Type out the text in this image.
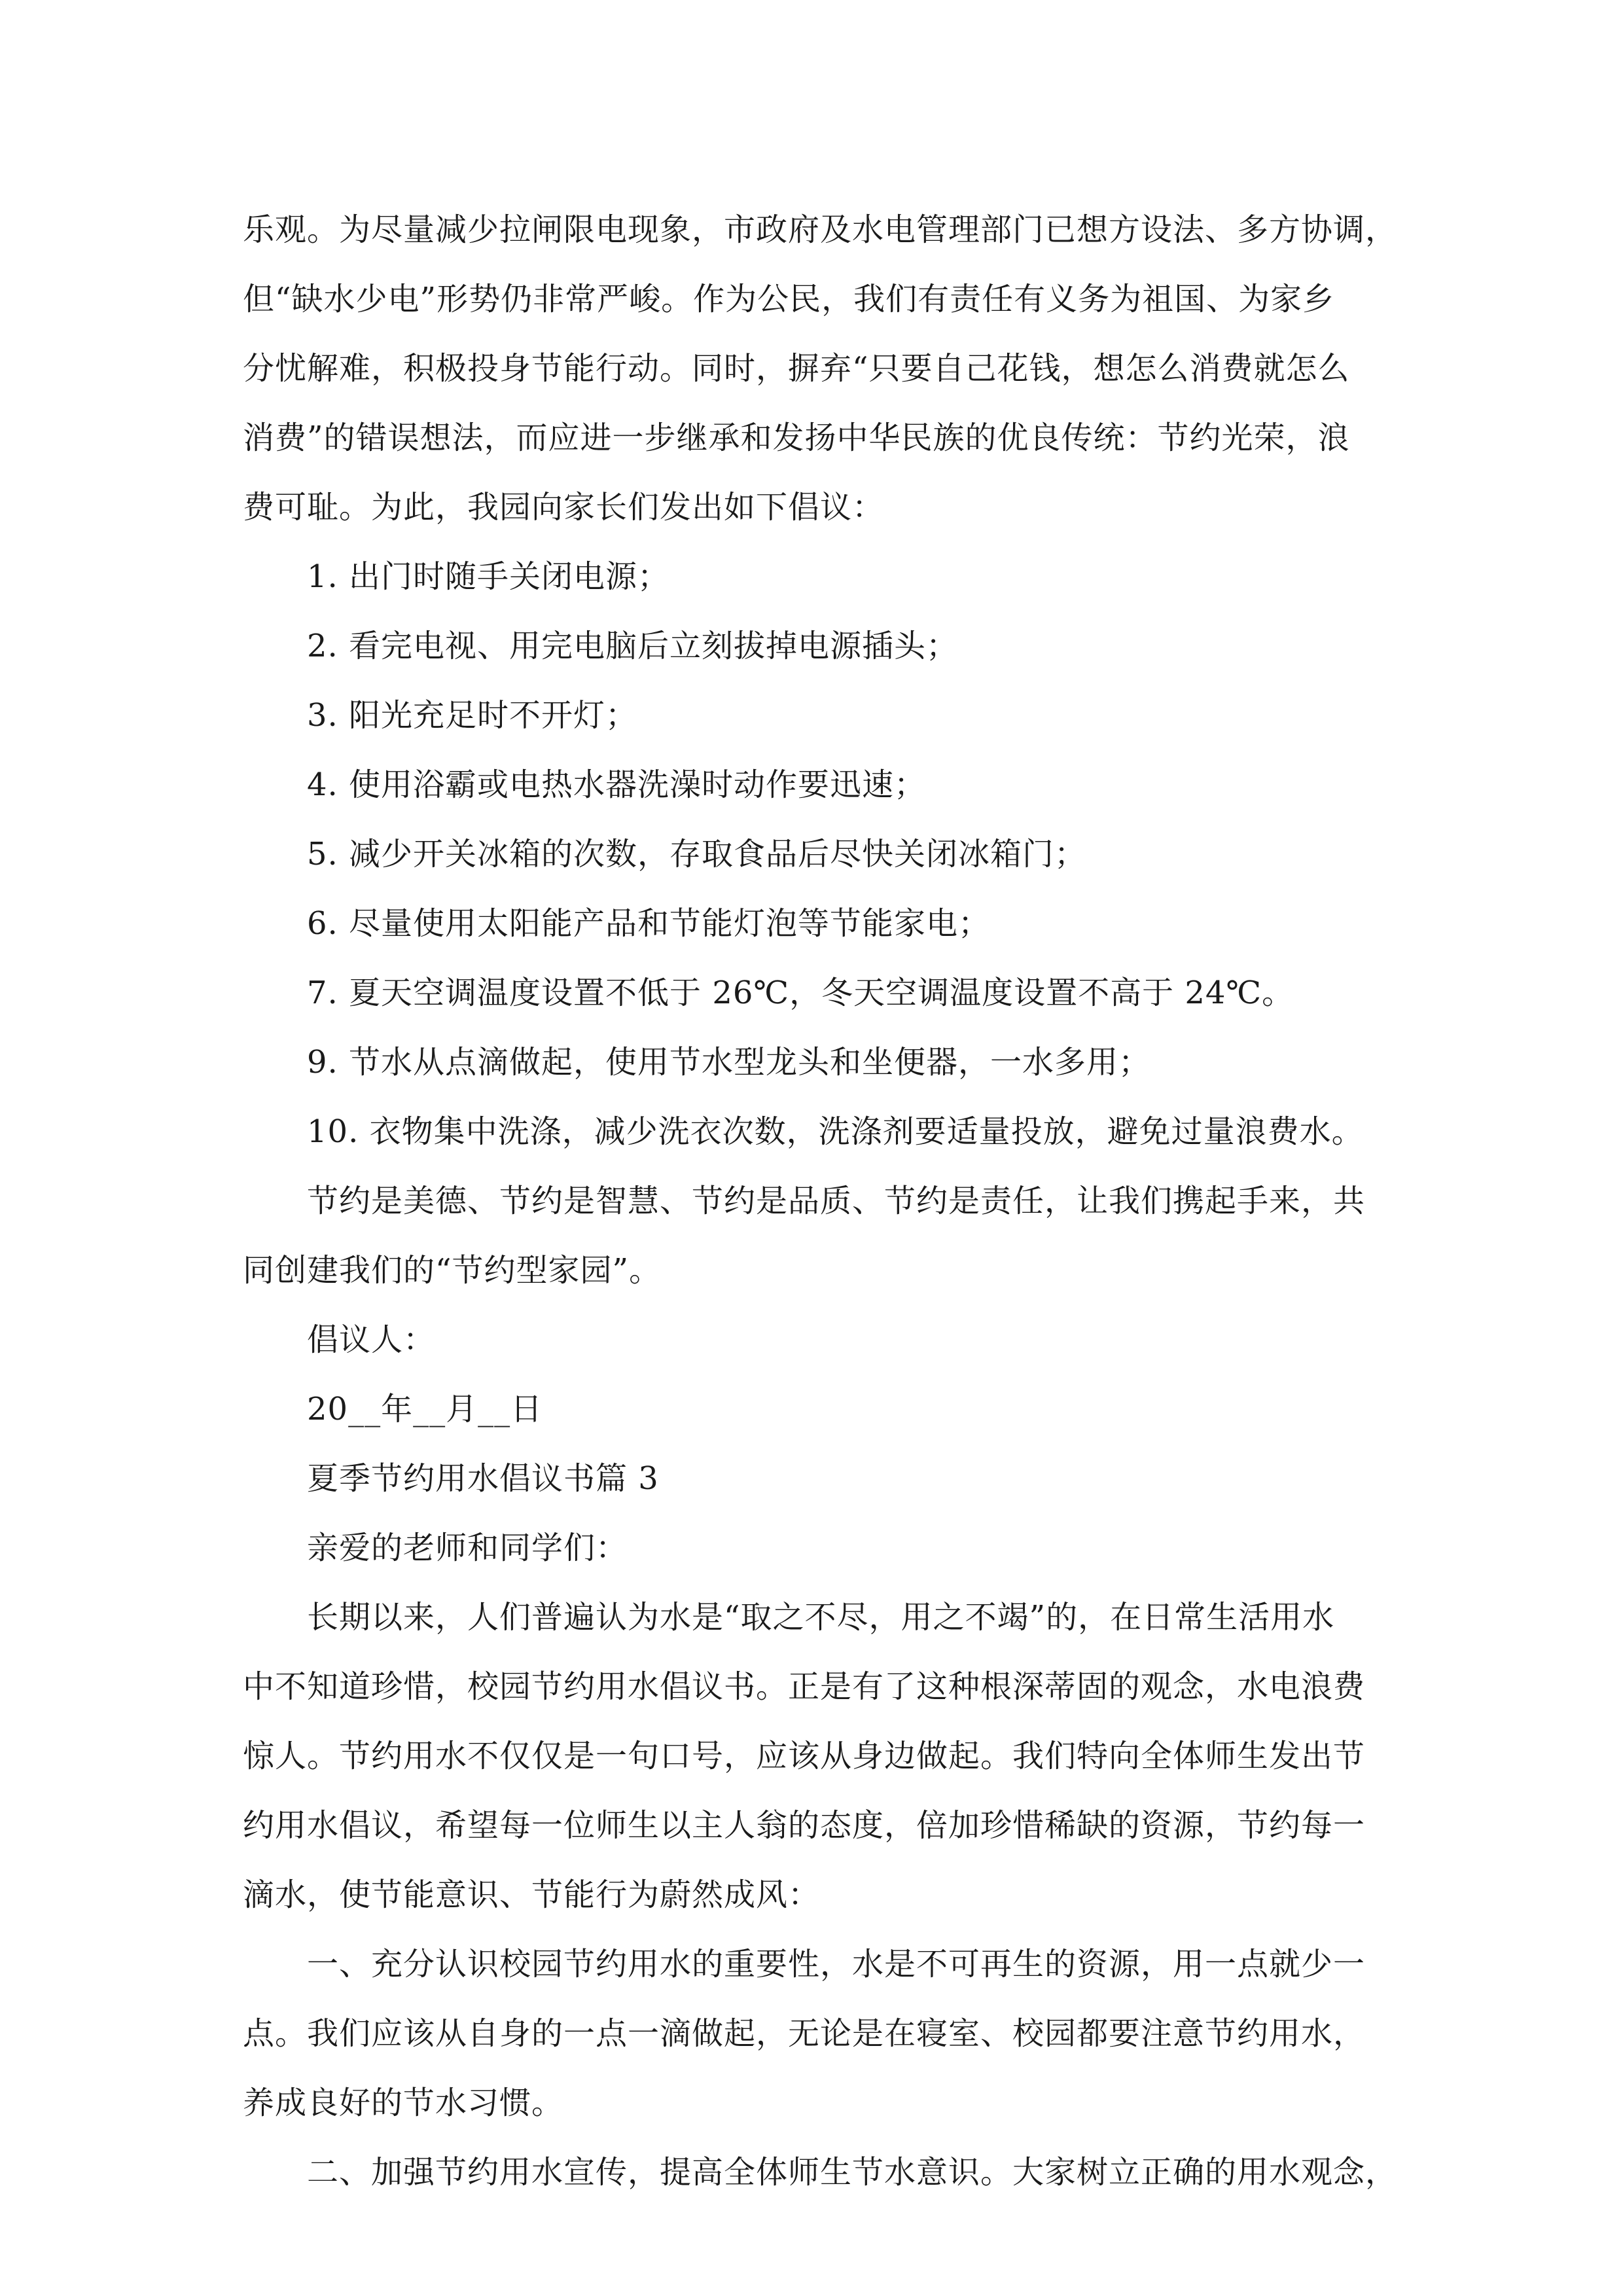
乐观。为尽量减少拉闸限电现象，市政府及水电管理部门已想方设法、多方协调，

但“缺水少电”形势仍非常严峻。作为公民，我们有责任有义务为祖国、为家乡

分忧解难，积极投身节能行动。同时，摒弃“只要自己花钱，想怎么消费就怎么

消费”的错误想法，而应进一步继承和发扬中华民族的优良传统：节约光荣，浪

费可耻。为此，我园向家长们发出如下倡议：

1. 出门时随手关闭电源；

2. 看完电视、用完电脑后立刻拔掉电源插头；

3. 阳光充足时不开灯；

4. 使用浴霸或电热水器洗澡时动作要迅速；

5. 减少开关冰箱的次数，存取食品后尽快关闭冰箱门；

6. 尽量使用太阳能产品和节能灯泡等节能家电；

7. 夏天空调温度设置不低于 26℃，冬天空调温度设置不高于 24℃。

9. 节水从点滴做起，使用节水型龙头和坐便器，一水多用；

10. 衣物集中洗涤，减少洗衣次数，洗涤剂要适量投放，避免过量浪费水。

节约是美德、节约是智慧、节约是品质、节约是责任，让我们携起手来，共

同创建我们的“节约型家园”。

倡议人：

20__年__月__日

夏季节约用水倡议书篇 3

亲爱的老师和同学们：

长期以来，人们普遍认为水是“取之不尽，用之不竭”的，在日常生活用水

中不知道珍惜，校园节约用水倡议书。正是有了这种根深蒂固的观念，水电浪费

惊人。节约用水不仅仅是一句口号，应该从身边做起。我们特向全体师生发出节

约用水倡议，希望每一位师生以主人翁的态度，倍加珍惜稀缺的资源，节约每一

滴水，使节能意识、节能行为蔚然成风：

一、充分认识校园节约用水的重要性，水是不可再生的资源，用一点就少一

点。我们应该从自身的一点一滴做起，无论是在寝室、校园都要注意节约用水，

养成良好的节水习惯。

二、加强节约用水宣传，提高全体师生节水意识。大家树立正确的用水观念，
